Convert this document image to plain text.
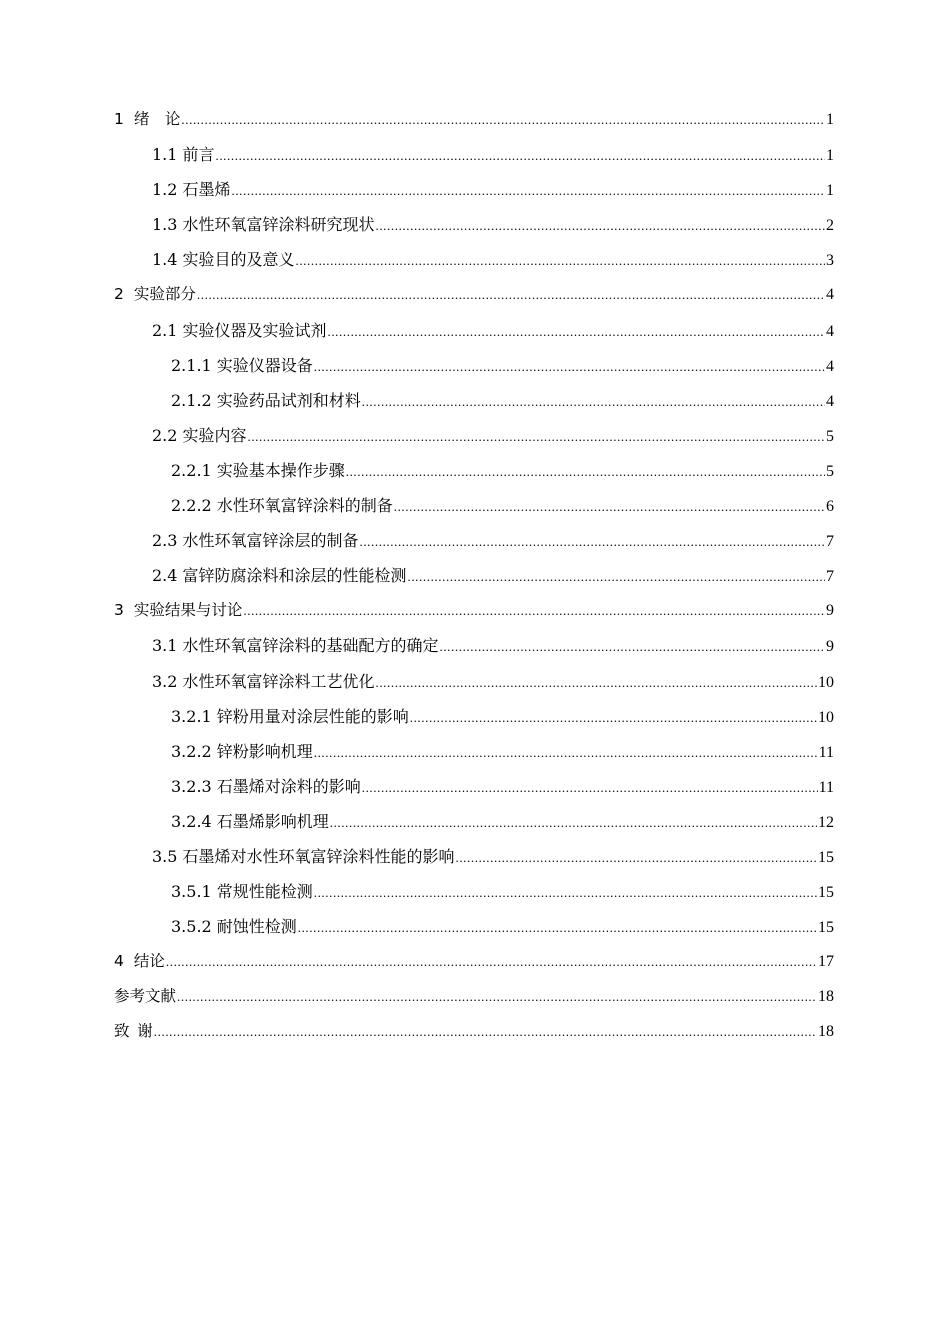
1 绪　论 .....	1
1.1 前言 .....	1
1.2 石墨烯 .....	1
1.3 水性环氧富锌涂料研究现状 .....	2
1.4 实验目的及意义 .....	3
2 实验部分 .....	4
2.1 实验仪器及实验试剂 .....	4
2.1.1 实验仪器设备 .....	4
2.1.2 实验药品试剂和材料 .....	4
2.2 实验内容 .....	5
2.2.1 实验基本操作步骤 .....	5
2.2.2 水性环氧富锌涂料的制备 .....	6
2.3 水性环氧富锌涂层的制备 .....	7
2.4 富锌防腐涂料和涂层的性能检测 .....	7
3 实验结果与讨论 .....	9
3.1 水性环氧富锌涂料的基础配方的确定 .....	9
3.2 水性环氧富锌涂料工艺优化 .....	10
3.2.1 锌粉用量对涂层性能的影响 .....	10
3.2.2 锌粉影响机理 .....	11
3.2.3 石墨烯对涂料的影响 .....	11
3.2.4 石墨烯影响机理 .....	12
3.5 石墨烯对水性环氧富锌涂料性能的影响 .....	15
3.5.1 常规性能检测 .....	15
3.5.2 耐蚀性检测 .....	15
4 结论 .....	17
参考文献 .....	18
致 谢 .....	18
